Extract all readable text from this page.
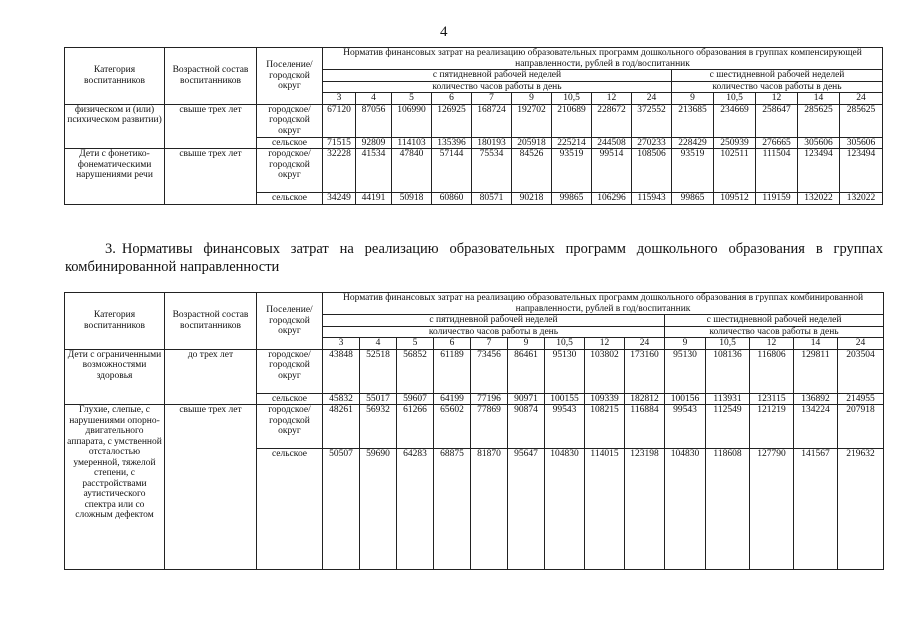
4
Категория воспитанников	Возрастной состав воспитанников	Поселение/ городской округ	Норматив финансовых затрат на реализацию образовательных программ дошкольного образования в группах компенсирующей направленности, рублей в год/воспитанник													
			с пятидневной рабочей неделей									с шестидневной рабочей неделей				
			количество часов работы в день									количество часов работы в день				
			3	4	5	6	7	9	10,5	12	24	9	10,5	12	14	24
физическом и (или) психическом развитии)	свыше трех лет	городское/ городской округ	67120	87056	106990	126925	168724	192702	210689	228672	372552	213685	234669	258647	285625	285625
		сельское	71515	92809	114103	135396	180193	205918	225214	244508	270233	228429	250939	276665	305606	305606
Дети с фонетико-фонематическими нарушениями речи	свыше трех лет	городское/ городской округ	32228	41534	47840	57144	75534	84526	93519	99514	108506	93519	102511	111504	123494	123494
		сельское	34249	44191	50918	60860	80571	90218	99865	106296	115943	99865	109512	119159	132022	132022
3. Нормативы финансовых затрат на реализацию образовательных программ дошкольного образования в группах комбинированной направленности
Категория воспитанников	Возрастной состав воспитанников	Поселение/ городской округ	Норматив финансовых затрат на реализацию образовательных программ дошкольного образования в группах комбинированной направленности, рублей в год/воспитанник													
			с пятидневной рабочей неделей									с шестидневной рабочей неделей				
			количество часов работы в день									количество часов работы в день				
			3	4	5	6	7	9	10,5	12	24	9	10,5	12	14	24
Дети с ограниченными возможностями здоровья	до трех лет	городское/ городской округ	43848	52518	56852	61189	73456	86461	95130	103802	173160	95130	108136	116806	129811	203504
		сельское	45832	55017	59607	64199	77196	90971	100155	109339	182812	100156	113931	123115	136892	214955
Глухие, слепые, с нарушениями опорно-двигательного аппарата, с умственной отсталостью умеренной, тяжелой степени, с расстройствами аутистического спектра или со сложным дефектом	свыше трех лет	городское/ городской округ	48261	56932	61266	65602	77869	90874	99543	108215	116884	99543	112549	121219	134224	207918
		сельское	50507	59690	64283	68875	81870	95647	104830	114015	123198	104830	118608	127790	141567	219632
